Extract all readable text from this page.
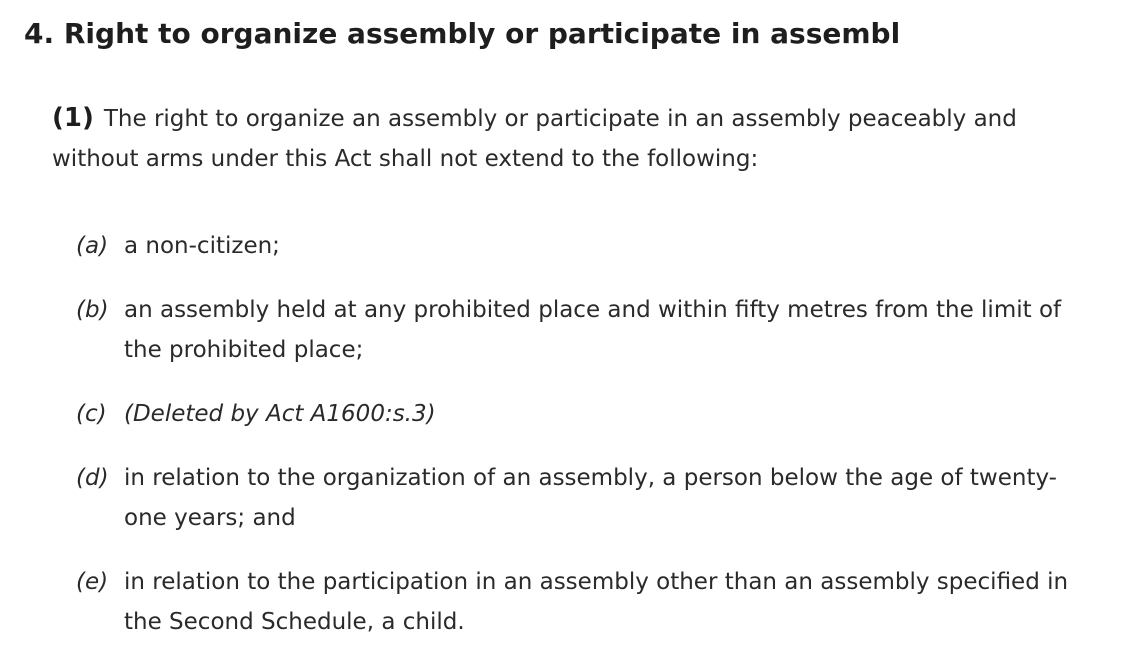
4. Right to organize assembly or participate in assembl

(1) The right to organize an assembly or participate in an assembly peaceably and
without arms under this Act shall not extend to the following:

(a) a non-citizen;
(b) an assembly held at any prohibited place and within fifty metres from the limit of
the prohibited place;
(c) (Deleted by Act A1600:s.3)
(d) in relation to the organization of an assembly, a person below the age of twenty-
one years; and
(e) in relation to the participation in an assembly other than an assembly specified in
the Second Schedule, a child.
